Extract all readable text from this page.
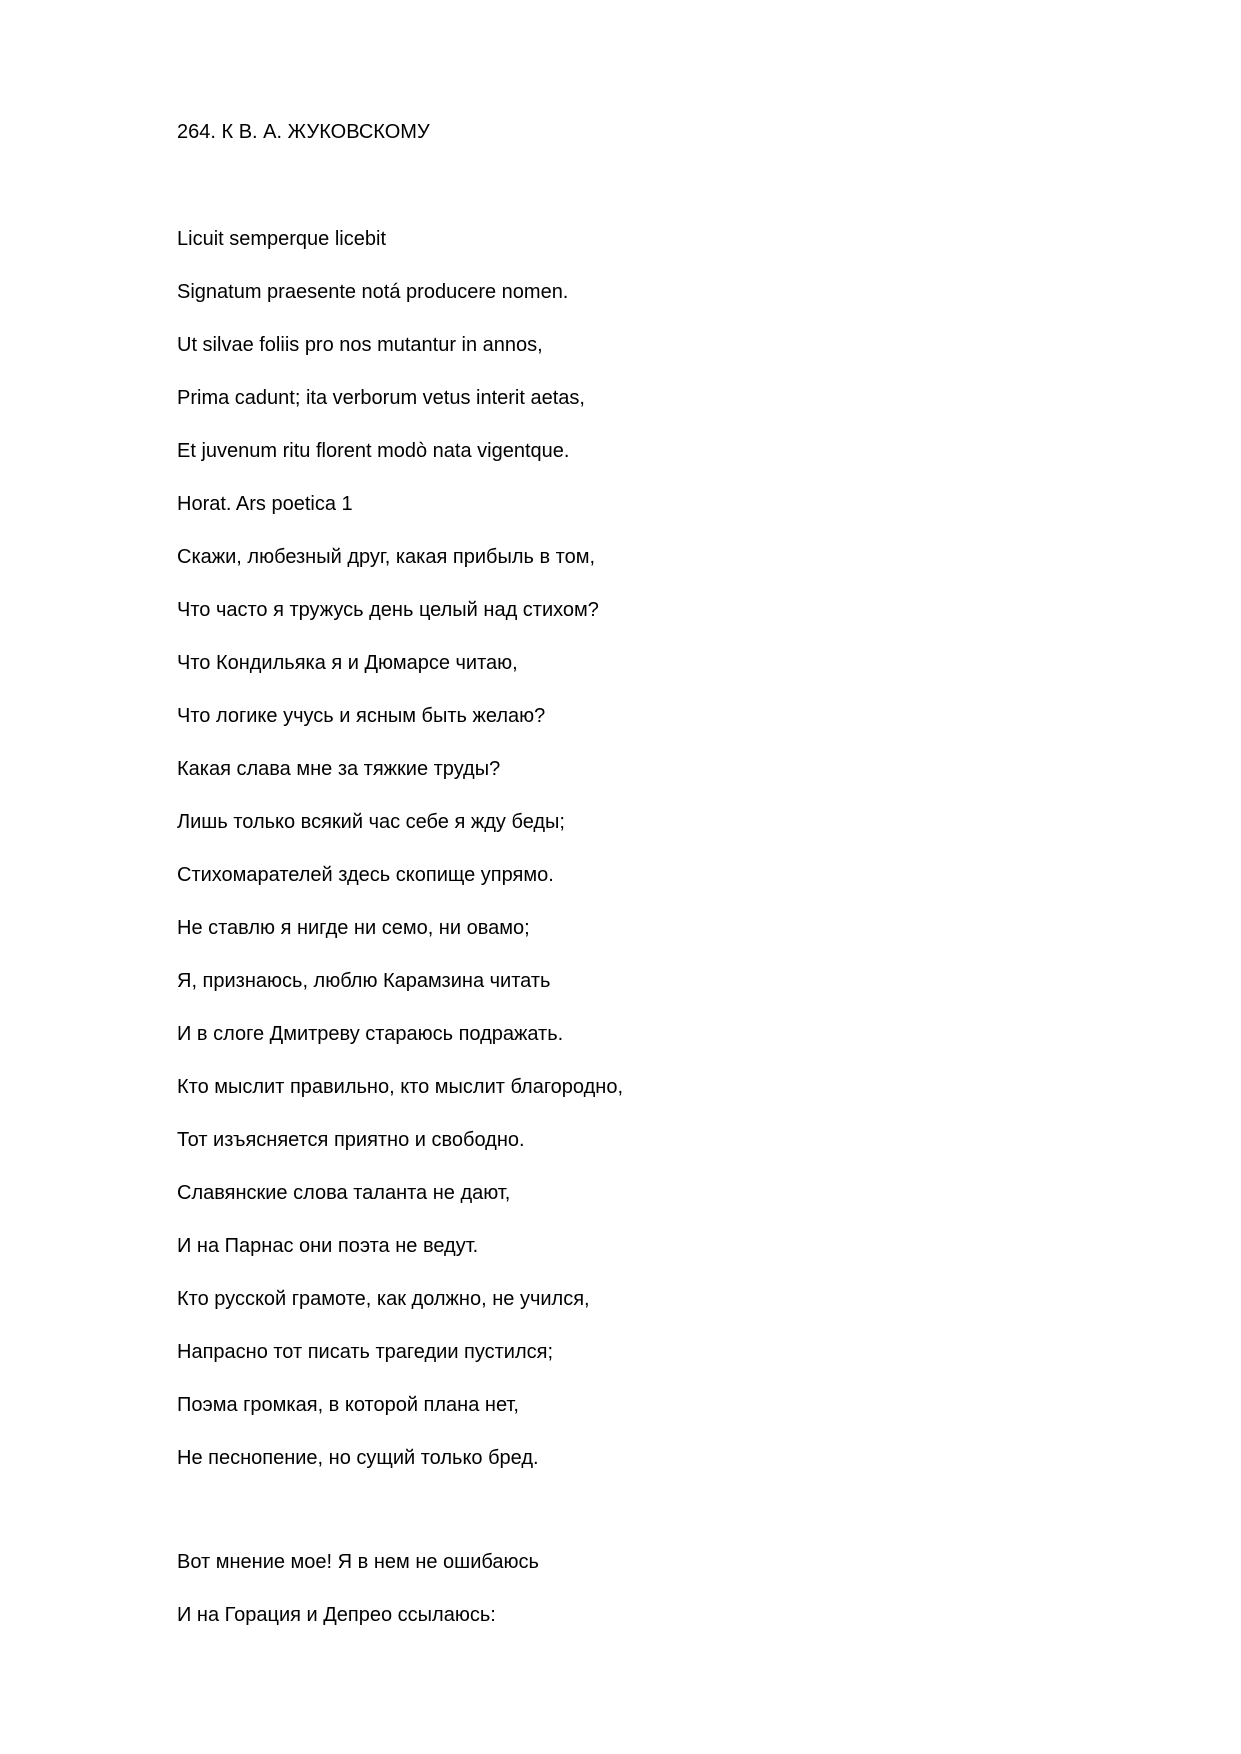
264. К В. А. ЖУКОВСКОМУ
Licuit semperque licebit
Signatum praesente notá producere nomen.
Ut silvae foliis pro nos mutantur in annos,
Prima cadunt; ita verborum vetus interit aetas,
Et juvenum ritu florent modò nata vigentque.
Horat. Ars poetica 1
Скажи, любезный друг, какая прибыль в том,
Что часто я тружусь день целый над стихом?
Что Кондильяка я и Дюмарсе читаю,
Что логике учусь и ясным быть желаю?
Какая слава мне за тяжкие труды?
Лишь только всякий час себе я жду беды;
Стихомарателей здесь скопище упрямо.
Не ставлю я нигде ни семо, ни овамо;
Я, признаюсь, люблю Карамзина читать
И в слоге Дмитреву стараюсь подражать.
Кто мыслит правильно, кто мыслит благородно,
Тот изъясняется приятно и свободно.
Славянские слова таланта не дают,
И на Парнас они поэта не ведут.
Кто русской грамоте, как должно, не учился,
Напрасно тот писать трагедии пустился;
Поэма громкая, в которой плана нет,
Не песнопение, но сущий только бред.
Вот мнение мое! Я в нем не ошибаюсь
И на Горация и Депрео ссылаюсь:
